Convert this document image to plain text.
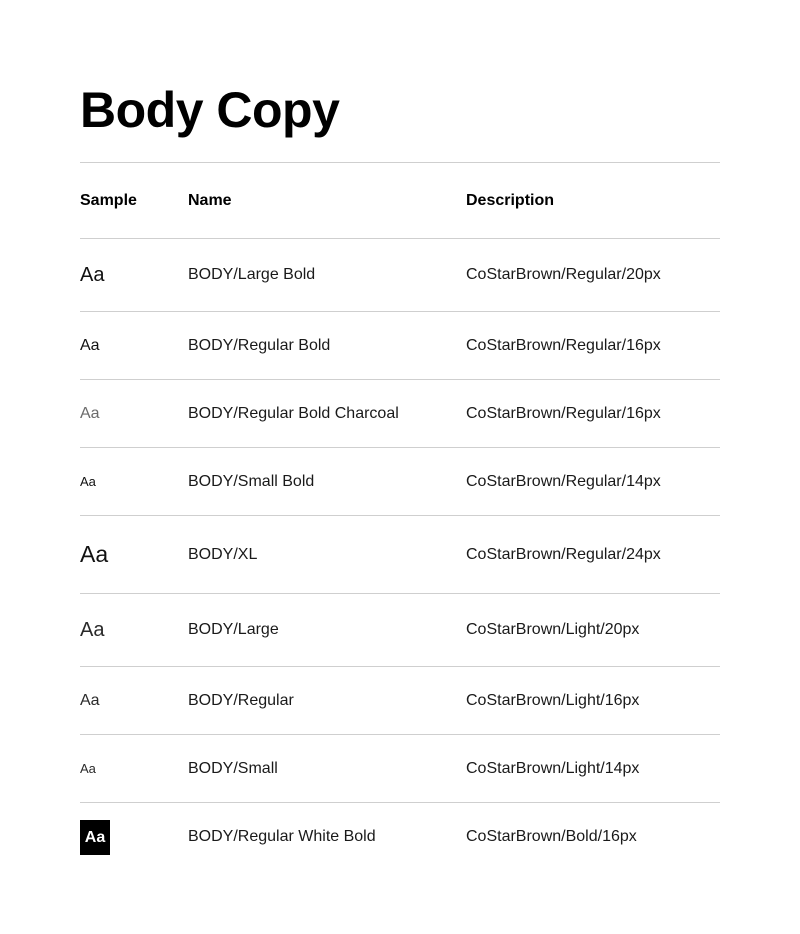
Body Copy
Sample	Name	Description
Aa	BODY/Large Bold	CoStarBrown/Regular/20px
Aa	BODY/Regular Bold	CoStarBrown/Regular/16px
Aa	BODY/Regular Bold Charcoal	CoStarBrown/Regular/16px
Aa	BODY/Small Bold	CoStarBrown/Regular/14px
Aa	BODY/XL	CoStarBrown/Regular/24px
Aa	BODY/Large	CoStarBrown/Light/20px
Aa	BODY/Regular	CoStarBrown/Light/16px
Aa	BODY/Small	CoStarBrown/Light/14px
Aa	BODY/Regular White Bold	CoStarBrown/Bold/16px
